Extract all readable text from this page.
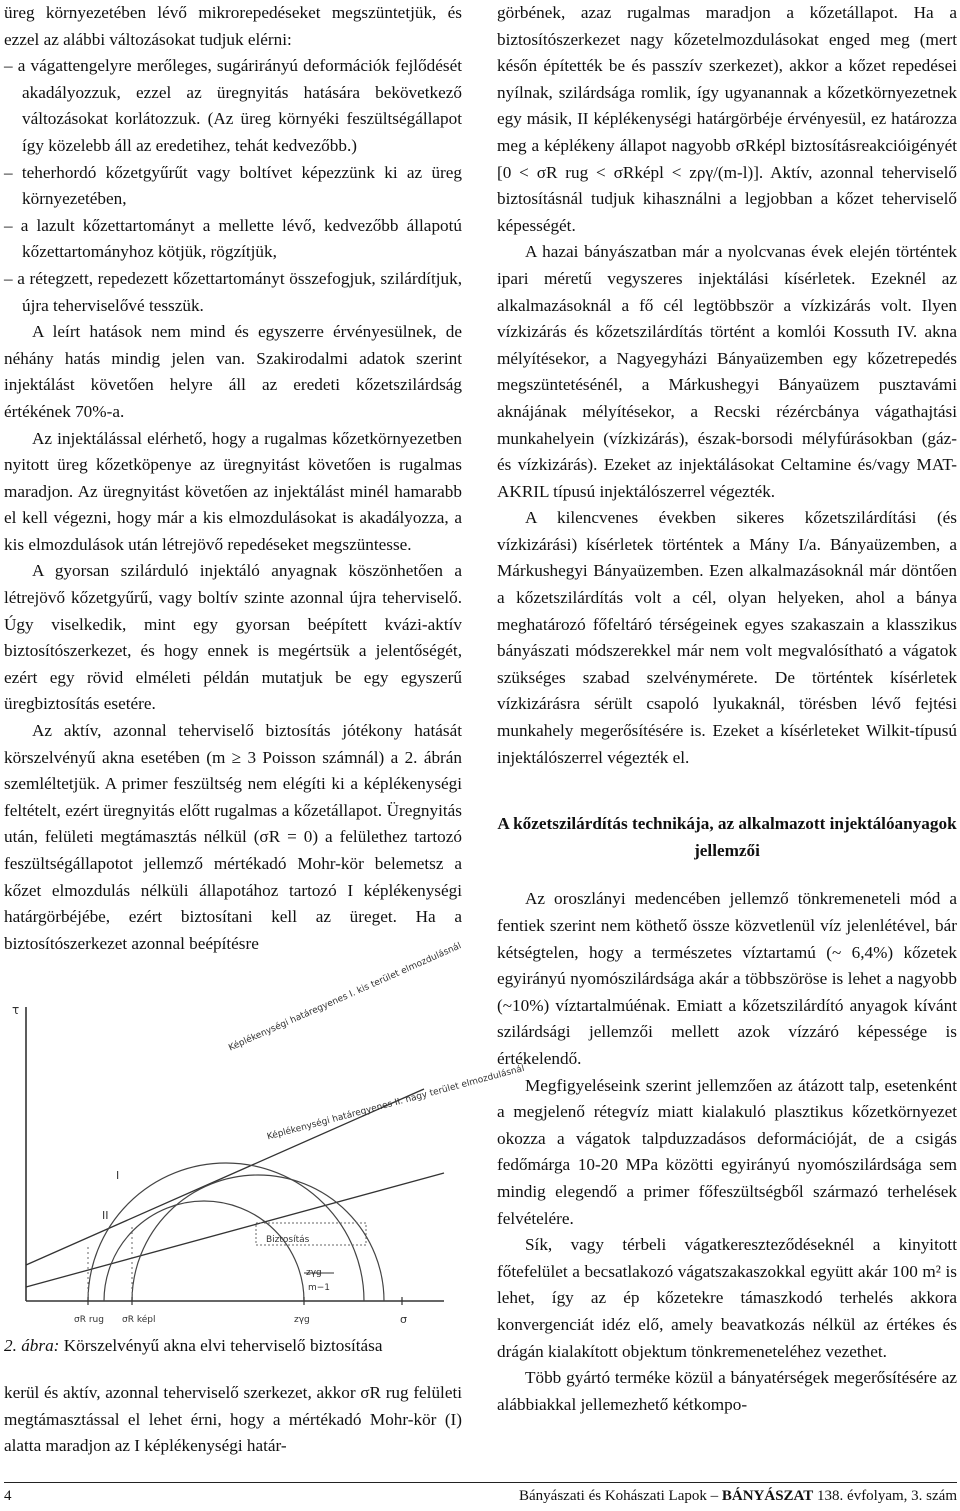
üreg környezetében lévő mikrorepedéseket megszüntetjük, és ezzel az alábbi változásokat tudjuk elérni:

– a vágattengelyre merőleges, sugárirányú deformációk fejlődését akadályozzuk, ezzel az üregnyitás hatására bekövetkező változásokat korlátozzuk. (Az üreg környéki feszültségállapot így közelebb áll az eredetihez, tehát kedvezőbb.)

– teherhordó kőzetgyűrűt vagy boltívet képezzünk ki az üreg környezetében,

– a lazult kőzettartományt a mellette lévő, kedvezőbb állapotú kőzettartományhoz kötjük, rögzítjük,

– a rétegzett, repedezett kőzettartományt összefogjuk, szilárdítjuk, újra teherviselővé tesszük.

A leírt hatások nem mind és egyszerre érvényesülnek, de néhány hatás mindig jelen van. Szakirodalmi adatok szerint injektálást követően helyre áll az eredeti kőzetszilárdság értékének 70%-a.

Az injektálással elérhető, hogy a rugalmas kőzetkörnyezetben nyitott üreg kőzetköpenye az üregnyitást követően is rugalmas maradjon. Az üregnyitást követően az injektálást minél hamarabb el kell végezni, hogy már a kis elmozdulásokat is akadályozza, a kis elmozdulások után létrejövő repedéseket megszüntesse.

A gyorsan szilárduló injektáló anyagnak köszönhetően a létrejövő kőzetgyűrű, vagy boltív szinte azonnal újra teherviselő. Úgy viselkedik, mint egy gyorsan beépített kvázi-aktív biztosítószerkezet, és hogy ennek is megértsük a jelentőségét, ezért egy rövid elméleti példán mutatjuk be egy egyszerű üregbiztosítás esetére.

Az aktív, azonnal teherviselő biztosítás jótékony hatását körszelvényű akna esetében (m ≥ 3 Poisson számnál) a 2. ábrán szemléltetjük. A primer feszültség nem elégíti ki a képlékenységi feltételt, ezért üregnyitás előtt rugalmas a kőzetállapot. Üregnyitás után, felületi megtámasztás nélkül (σR = 0) a felülethez tartozó feszültségállapotot jellemző mértékadó Mohr-kör belemetsz a kőzet elmozdulás nélküli állapotához tartozó I képlékenységi határgörbéjébe, ezért biztosítani kell az üreget. Ha a biztosítószerkezet azonnal beépítésre

τ	Képlékenységi határegyenes I. kis terület elmozdulásnál
Képlékenységi határegyenes II. nagy terület elmozdulásnál
I
II
Biztosítás
zγg
m−1
σR rug σR képl	zγg	σ

2. ábra: Körszelvényű akna elvi teherviselő biztosítása

kerül és aktív, azonnal teherviselő szerkezet, akkor σR rug felületi megtámasztással el lehet érni, hogy a mértékadó Mohr-kör (I) alatta maradjon az I képlékenységi határ-

görbének, azaz rugalmas maradjon a kőzetállapot. Ha a biztosítószerkezet nagy kőzetelmozdulásokat enged meg (mert későn építették be és passzív szerkezet), akkor a kőzet repedései nyílnak, szilárdsága romlik, így ugyanannak a kőzetkörnyezetnek egy másik, II képlékenységi határgörbéje érvényesül, ez határozza meg a képlékeny állapot nagyobb σRképl biztosításreakcióigényét [0 < σR rug < σRképl < zργ/(m-l)]. Aktív, azonnal teherviselő biztosításnál tudjuk kihasználni a legjobban a kőzet teherviselő képességét.

A hazai bányászatban már a nyolcvanas évek elején történtek ipari méretű vegyszeres injektálási kísérletek. Ezeknél az alkalmazásoknál a fő cél legtöbbször a vízkizárás volt. Ilyen vízkizárás és kőzetszilárdítás történt a komlói Kossuth IV. akna mélyítésekor, a Nagyegyházi Bányaüzemben egy kőzetrepedés megszüntetésénél, a Márkushegyi Bányaüzem pusztavámi aknájának mélyítésekor, a Recski rézércbánya vágathajtási munkahelyein (vízkizárás), észak-borsodi mélyfúrásokban (gáz- és vízkizárás). Ezeket az injektálásokat Celtamine és/vagy MAT-AKRIL típusú injektálószerrel végezték.

A kilencvenes években sikeres kőzetszilárdítási (és vízkizárási) kísérletek történtek a Mány I/a. Bányaüzemben, a Márkushegyi Bányaüzemben. Ezen alkalmazásoknál már döntően a kőzetszilárdítás volt a cél, olyan helyeken, ahol a bánya meghatározó főfeltáró térségeinek egyes szakaszain a klasszikus bányászati módszerekkel már nem volt megvalósítható a vágatok szükséges szabad szelvénymérete. De történtek kísérletek vízkizárásra sérült csapoló lyukaknál, törésben lévő fejtési munkahely megerősítésére is. Ezeket a kísérleteket Wilkit-típusú injektálószerrel végezték el.

A kőzetszilárdítás technikája, az alkalmazott injektálóanyagok jellemzői

Az oroszlányi medencében jellemző tönkremeneteli mód a fentiek szerint nem köthető össze közvetlenül víz jelenlétével, bár kétségtelen, hogy a természetes víztartamú (~ 6,4%) kőzetek egyirányú nyomószilárdsága akár a többszöröse is lehet a nagyobb (~10%) víztartalmúénak. Emiatt a kőzetszilárdító anyagok kívánt szilárdsági jellemzői mellett azok vízzáró képessége is értékelendő.

Megfigyeléseink szerint jellemzően az átázott talp, esetenként a megjelenő rétegvíz miatt kialakuló plasztikus kőzetkörnyezet okozza a vágatok talpduzzadásos deformációját, de a csigás fedőmárga 10-20 MPa közötti egyirányú nyomószilárdsága sem mindig elegendő a primer főfeszültségből származó terhelések felvételére.

Sík, vagy térbeli vágatkereszteződéseknél a kinyitott főtefelület a becsatlakozó vágatszakaszokkal együtt akár 100 m² is lehet, így az ép kőzetekre támaszkodó terhelés akkora konvergenciát idéz elő, amely beavatkozás nélkül az értékes és drágán kialakított objektum tönkremeneteléhez vezethet.

Több gyártó terméke közül a bányatérségek megerősítésére az alábbiakkal jellemezhető kétkompo-

4	Bányászati és Kohászati Lapok – BÁNYÁSZAT 138. évfolyam, 3. szám
